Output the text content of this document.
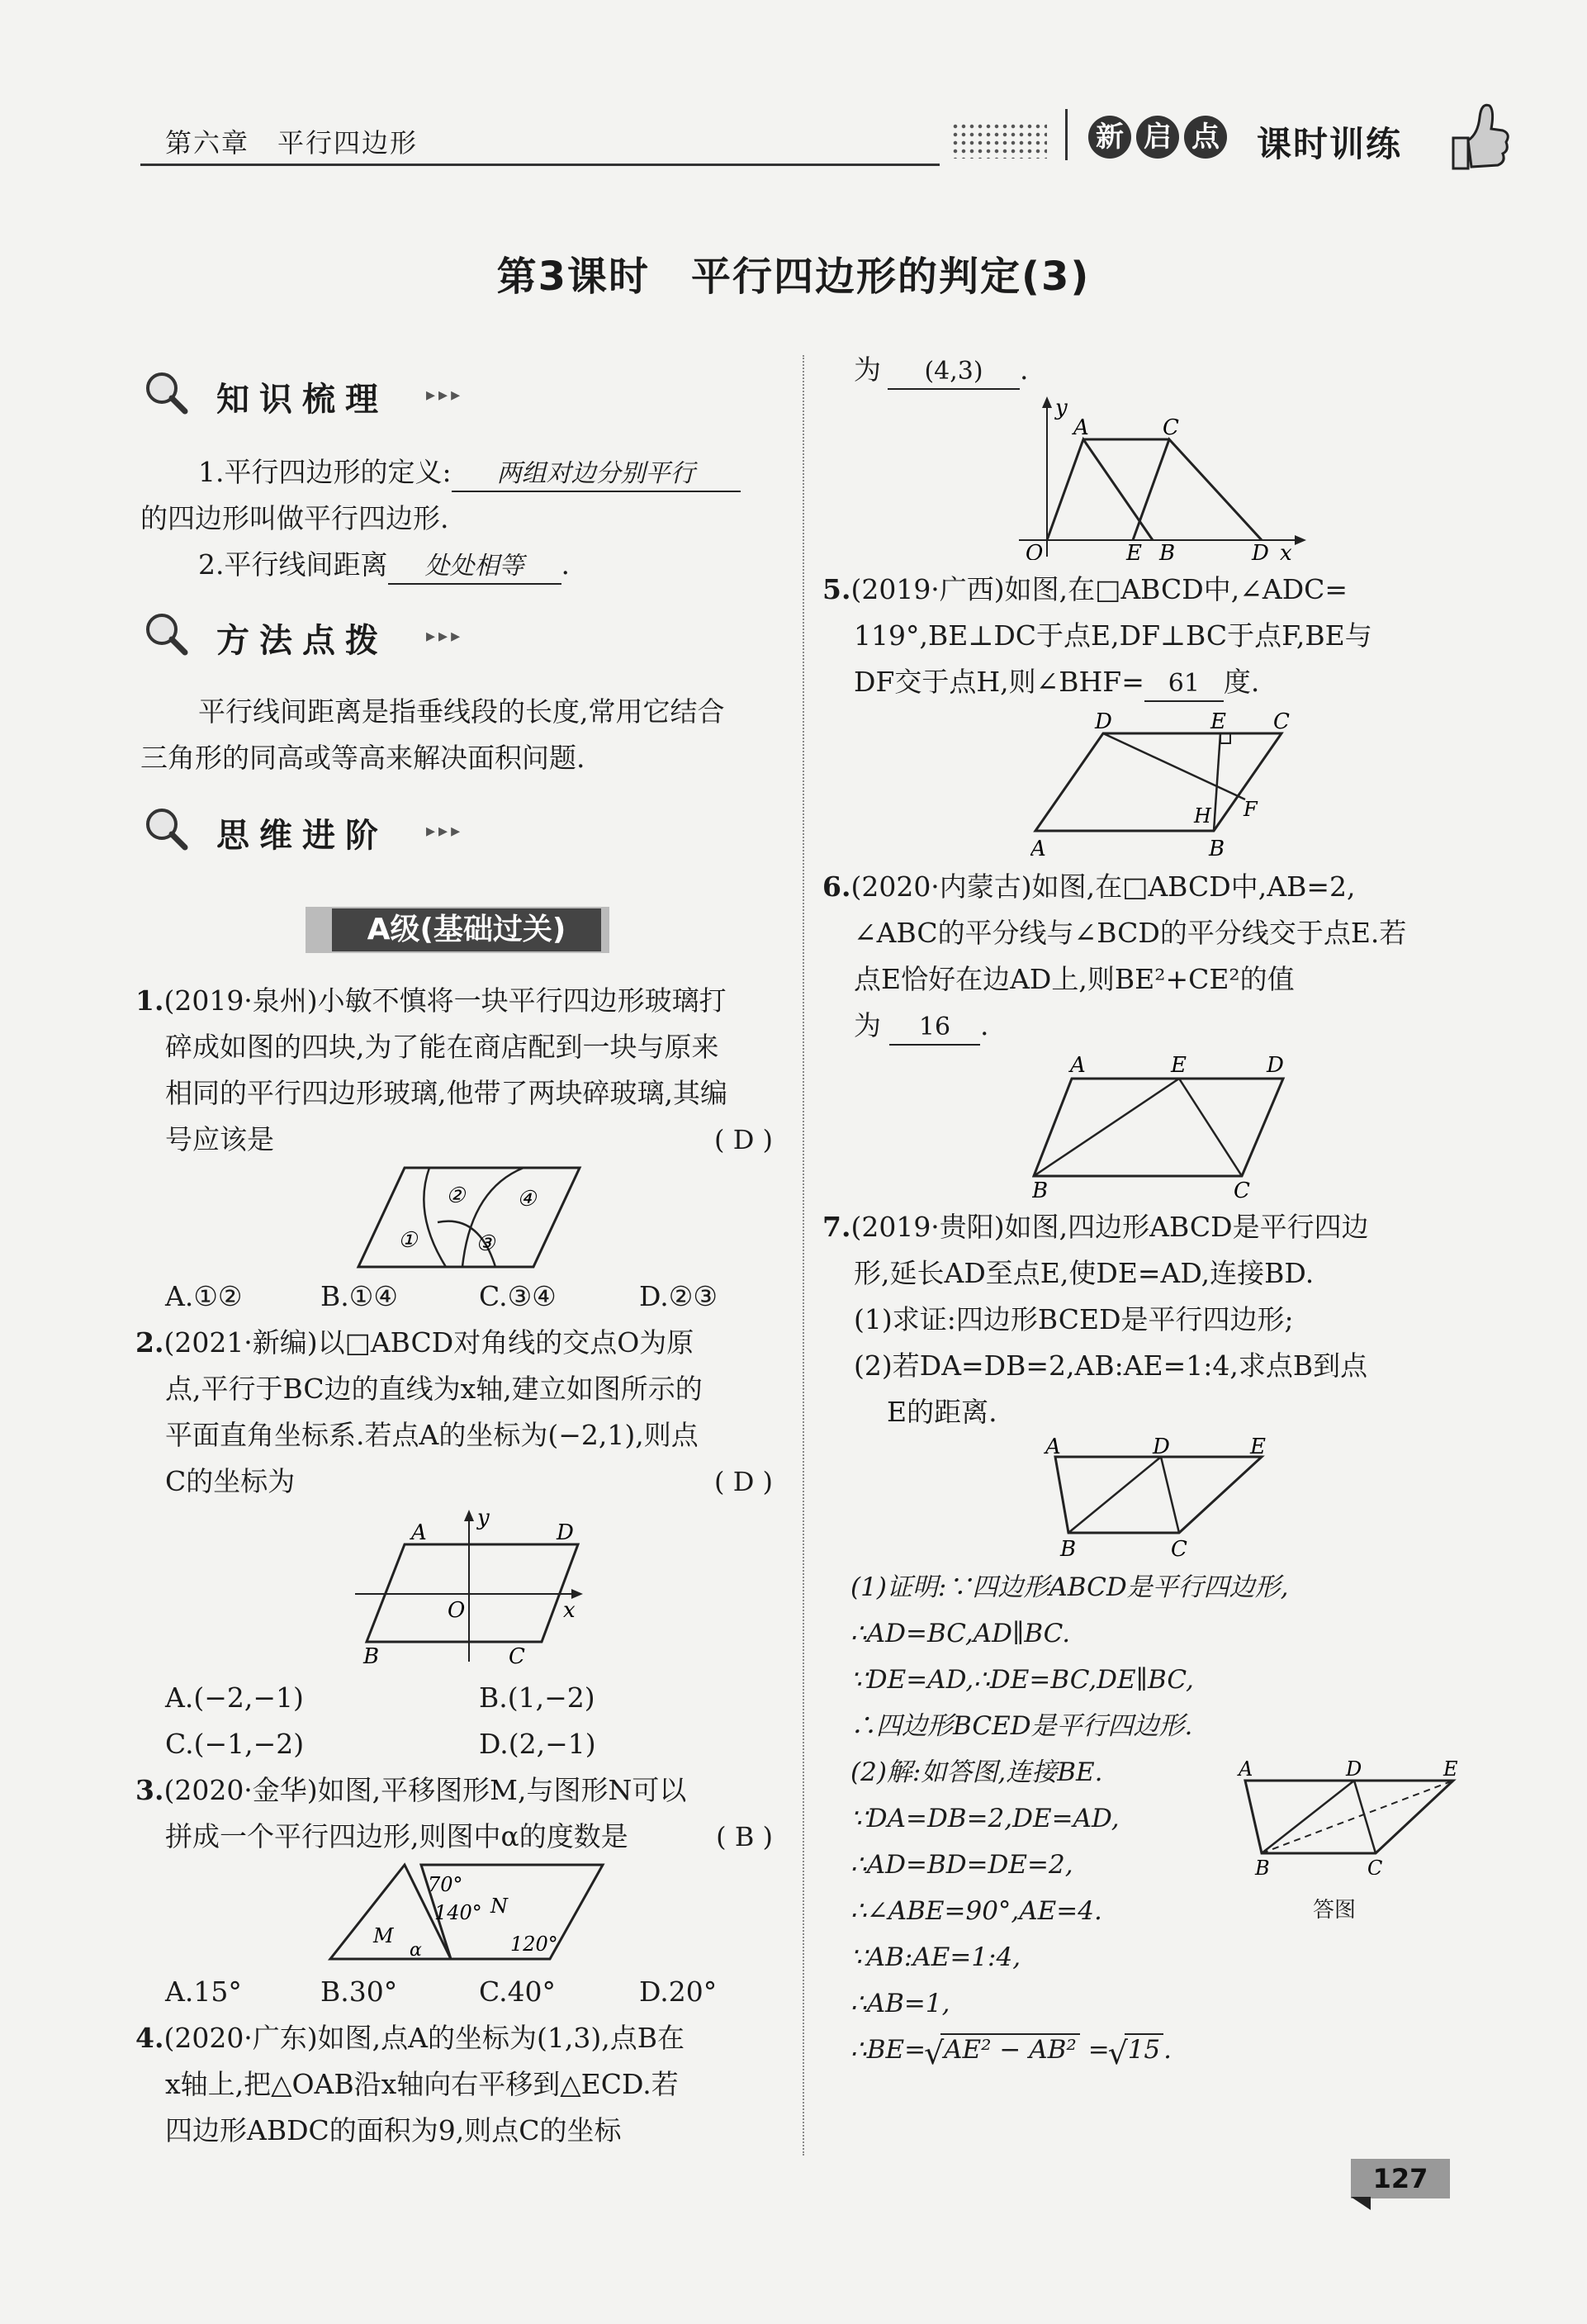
第六章　平行四边形	新 启 点 课时训练
第3课时　平行四边形的判定(3)
知识梳理 ▸▸▸
1.平行四边形的定义: 两组对边分别平行
的四边形叫做平行四边形.
2.平行线间距离 处处相等 .
方法点拨 ▸▸▸
平行线间距离是指垂线段的长度,常用它结合
三角形的同高或等高来解决面积问题.
思维进阶 ▸▸▸
A级(基础过关)
1.(2019·泉州)小敏不慎将一块平行四边形玻璃打
碎成如图的四块,为了能在商店配到一块与原来
相同的平行四边形玻璃,他带了两块碎玻璃,其编
号应该是	( D )
①
②
③
④
A.①②	B.①④	C.③④	D.②③
2.(2021·新编)以□ABCD对角线的交点O为原
点,平行于BC边的直线为x轴,建立如图所示的
平面直角坐标系.若点A的坐标为(−2,1),则点
C的坐标为	( D )
A	D
B	C
O	x
y
A.(−2,−1)	B.(1,−2)
C.(−1,−2)	D.(2,−1)
3.(2020·金华)如图,平移图形M,与图形N可以
拼成一个平行四边形,则图中α的度数是	( B )
70°
140° N
120°
M
α
A.15°	B.30°	C.40°	D.20°
4.(2020·广东)如图,点A的坐标为(1,3),点B在
x轴上,把△OAB沿x轴向右平移到△ECD.若
四边形ABDC的面积为9,则点C的坐标
为 (4,3) .
y
A	C
O	E B	D x
5.(2019·广西)如图,在□ABCD中,∠ADC=
119°,BE⊥DC于点E,DF⊥BC于点F,BE与
DF交于点H,则∠BHF= 61 度.
D	E C
H F
A	B
6.(2020·内蒙古)如图,在□ABCD中,AB=2,
∠ABC的平分线与∠BCD的平分线交于点E.若
点E恰好在边AD上,则BE²+CE²的值
为 16 .
A	E	D
B	C
7.(2019·贵阳)如图,四边形ABCD是平行四边
形,延长AD至点E,使DE=AD,连接BD.
(1)求证:四边形BCED是平行四边形;
(2)若DA=DB=2,AB:AE=1:4,求点B到点
E的距离.
A	D	E
B	C
(1)证明:∵四边形ABCD是平行四边形,
∴AD=BC,AD∥BC.
∵DE=AD,∴DE=BC,DE∥BC,
∴四边形BCED是平行四边形.
(2)解:如答图,连接BE.
∵DA=DB=2,DE=AD,
∴AD=BD=DE=2,
∴∠ABE=90°,AE=4.
∵AB:AE=1:4,
∴AB=1,
∴BE=
√ AE² − AB² =
√ 15 .
A	D	E
B	C
答图
127
